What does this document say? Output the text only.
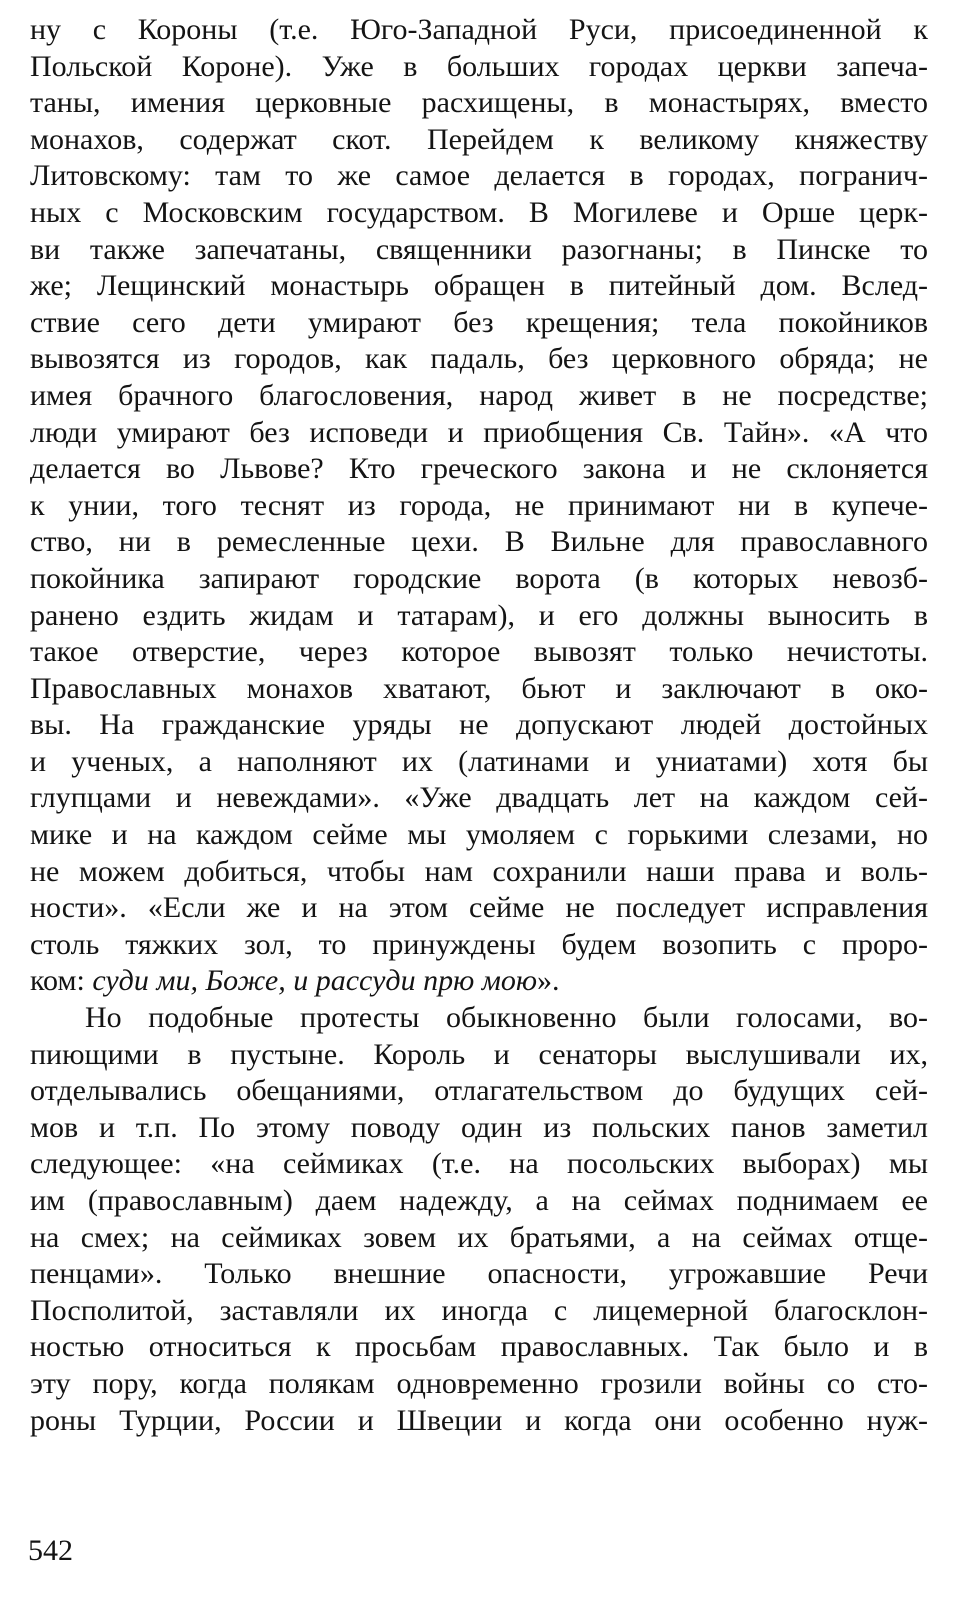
ну с Короны (т.е. Юго-Западной Руси, присоединенной к
Польской Короне). Уже в больших городах церкви запеча-
таны, имения церковные расхищены, в монастырях, вместо
монахов, содержат скот. Перейдем к великому княжеству
Литовскому: там то же самое делается в городах, погранич-
ных с Московским государством. В Могилеве и Орше церк-
ви также запечатаны, священники разогнаны; в Пинске то
же; Лещинский монастырь обращен в питейный дом. Вслед-
ствие сего дети умирают без крещения; тела покойников
вывозятся из городов, как падаль, без церковного обряда; не
имея брачного благословения, народ живет в не посредстве;
люди умирают без исповеди и приобщения Св. Тайн». «А что
делается во Львове? Кто греческого закона и не склоняется
к унии, того теснят из города, не принимают ни в купече-
ство, ни в ремесленные цехи. В Вильне для православного
покойника запирают городские ворота (в которых невозб-
ранено ездить жидам и татарам), и его должны выносить в
такое отверстие, через которое вывозят только нечистоты.
Православных монахов хватают, бьют и заключают в око-
вы. На гражданские уряды не допускают людей достойных
и ученых, а наполняют их (латинами и униатами) хотя бы
глупцами и невеждами». «Уже двадцать лет на каждом сей-
мике и на каждом сейме мы умоляем с горькими слезами, но
не можем добиться, чтобы нам сохранили наши права и воль-
ности». «Если же и на этом сейме не последует исправления
столь тяжких зол, то принуждены будем возопить с проро-
ком: суди ми, Боже, и рассуди прю мою».
Но подобные протесты обыкновенно были голосами, во-
пиющими в пустыне. Король и сенаторы выслушивали их,
отделывались обещаниями, отлагательством до будущих сей-
мов и т.п. По этому поводу один из польских панов заметил
следующее: «на сеймиках (т.е. на посольских выборах) мы
им (православным) даем надежду, а на сеймах поднимаем ее
на смех; на сеймиках зовем их братьями, а на сеймах отще-
пенцами». Только внешние опасности, угрожавшие Речи
Посполитой, заставляли их иногда с лицемерной благосклон-
ностью относиться к просьбам православных. Так было и в
эту пору, когда полякам одновременно грозили войны со сто-
роны Турции, России и Швеции и когда они особенно нуж-
542
